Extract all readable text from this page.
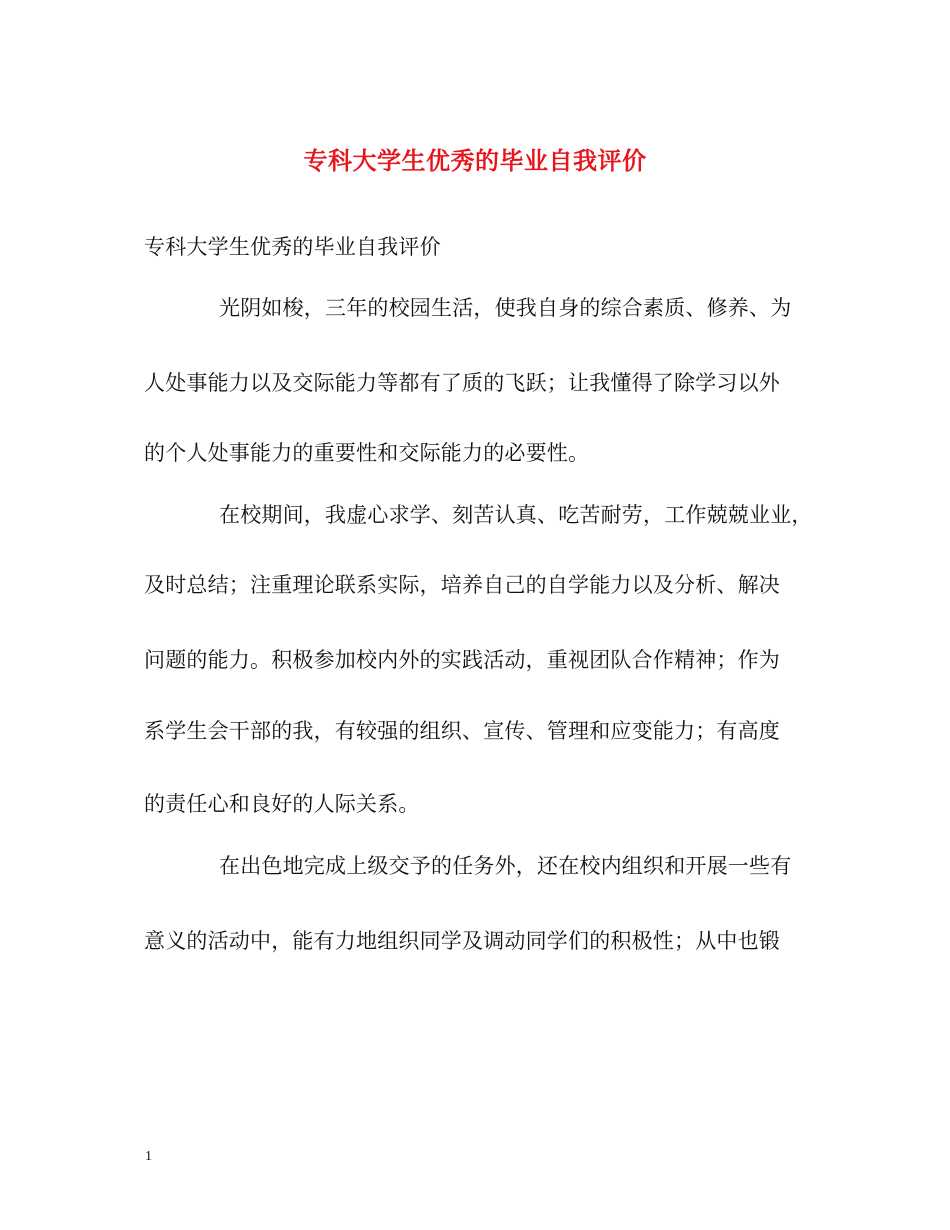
专科大学生优秀的毕业自我评价
专科大学生优秀的毕业自我评价
光阴如梭，三年的校园生活，使我自身的综合素质、修养、为
人处事能力以及交际能力等都有了质的飞跃；让我懂得了除学习以外
的个人处事能力的重要性和交际能力的必要性。
在校期间，我虚心求学、刻苦认真、吃苦耐劳，工作兢兢业业，
及时总结；注重理论联系实际，培养自己的自学能力以及分析、解决
问题的能力。积极参加校内外的实践活动，重视团队合作精神；作为
系学生会干部的我，有较强的组织、宣传、管理和应变能力；有高度
的责任心和良好的人际关系。
在出色地完成上级交予的任务外，还在校内组织和开展一些有
意义的活动中，能有力地组织同学及调动同学们的积极性；从中也锻
1
